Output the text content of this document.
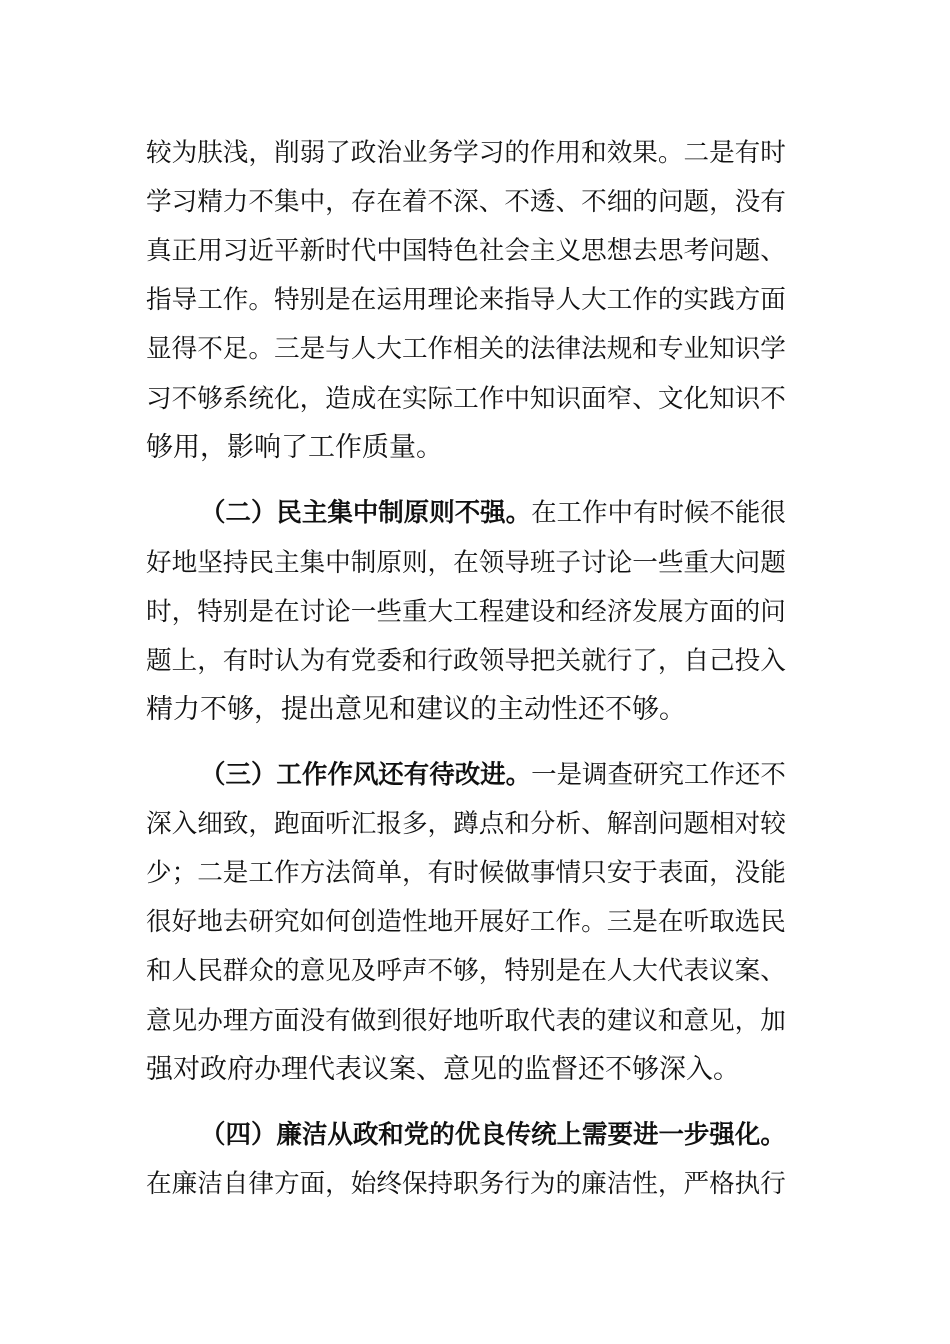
较为肤浅，削弱了政治业务学习的作用和效果。二是有时
学习精力不集中，存在着不深、不透、不细的问题，没有
真正用习近平新时代中国特色社会主义思想去思考问题、
指导工作。特别是在运用理论来指导人大工作的实践方面
显得不足。三是与人大工作相关的法律法规和专业知识学
习不够系统化，造成在实际工作中知识面窄、文化知识不
够用，影响了工作质量。
（二）民主集中制原则不强。在工作中有时候不能很
好地坚持民主集中制原则，在领导班子讨论一些重大问题
时，特别是在讨论一些重大工程建设和经济发展方面的问
题上，有时认为有党委和行政领导把关就行了，自己投入
精力不够，提出意见和建议的主动性还不够。
（三）工作作风还有待改进。一是调查研究工作还不
深入细致，跑面听汇报多，蹲点和分析、解剖问题相对较
少；二是工作方法简单，有时候做事情只安于表面，没能
很好地去研究如何创造性地开展好工作。三是在听取选民
和人民群众的意见及呼声不够，特别是在人大代表议案、
意见办理方面没有做到很好地听取代表的建议和意见，加
强对政府办理代表议案、意见的监督还不够深入。
（四）廉洁从政和党的优良传统上需要进一步强化。
在廉洁自律方面，始终保持职务行为的廉洁性，严格执行
